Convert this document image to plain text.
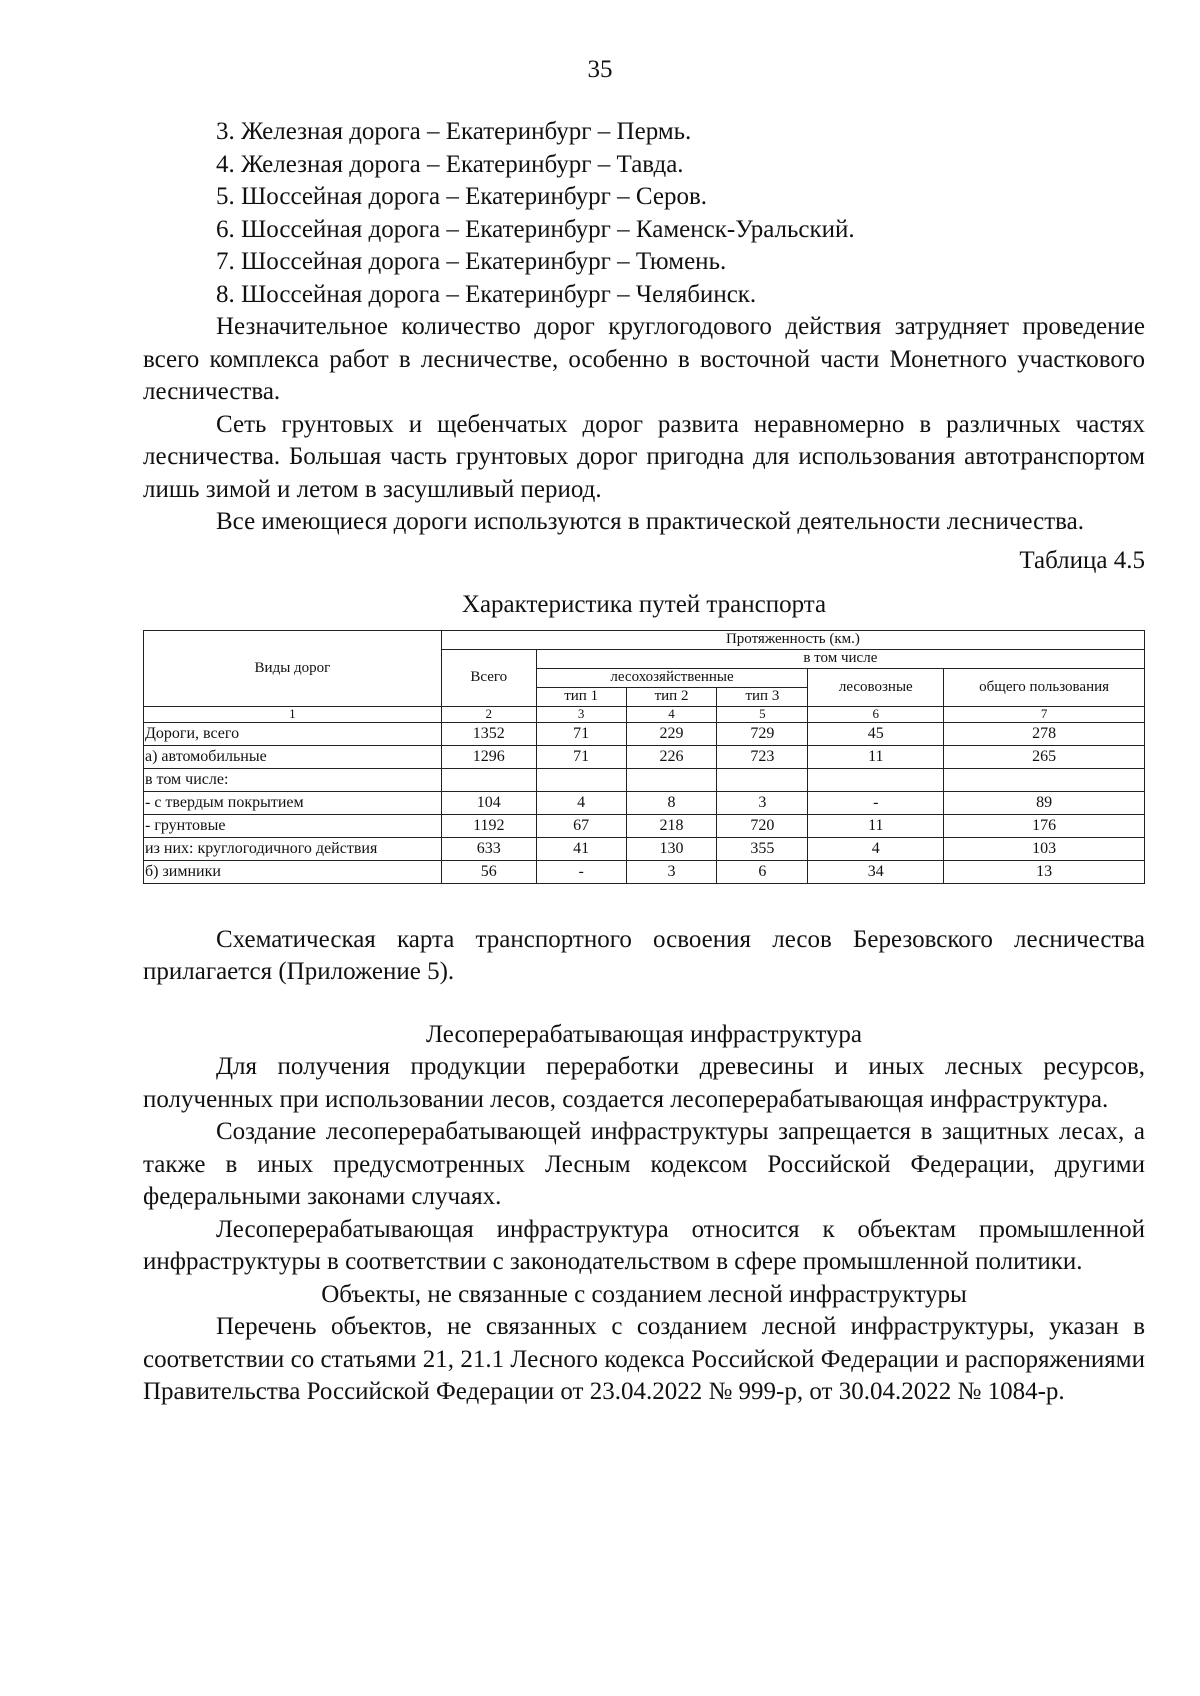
35
3. Железная дорога – Екатеринбург – Пермь.
4. Железная дорога – Екатеринбург – Тавда.
5. Шоссейная дорога – Екатеринбург – Серов.
6. Шоссейная дорога – Екатеринбург – Каменск-Уральский.
7. Шоссейная дорога – Екатеринбург – Тюмень.
8. Шоссейная дорога – Екатеринбург – Челябинск.

Незначительное количество дорог круглогодового действия затрудняет проведение всего комплекса работ в лесничестве, особенно в восточной части Монетного участкового лесничества.

Сеть грунтовых и щебенчатых дорог развита неравномерно в различных частях лесничества. Большая часть грунтовых дорог пригодна для использования автотранспортом лишь зимой и летом в засушливый период.

Все имеющиеся дороги используются в практической деятельности лесничества.

Таблица 4.5
Характеристика путей транспорта
Виды дорог	Протяженность (км.)					
	Всего	в том числе				
		лесохозяйственные			лесовозные	общего пользования
		тип 1	тип 2	тип 3		
1	2	3	4	5	6	7
Дороги, всего	1352	71	229	729	45	278
а) автомобильные	1296	71	226	723	11	265
в том числе:						
- с твердым покрытием	104	4	8	3	-	89
- грунтовые	1192	67	218	720	11	176
из них: круглогодичного действия	633	41	130	355	4	103
б) зимники	56	-	3	6	34	13

Схематическая карта транспортного освоения лесов Березовского лесничества прилагается (Приложение 5).

Лесоперерабатывающая инфраструктура

Для получения продукции переработки древесины и иных лесных ресурсов, полученных при использовании лесов, создается лесоперерабатывающая инфраструктура.

Создание лесоперерабатывающей инфраструктуры запрещается в защитных лесах, а также в иных предусмотренных Лесным кодексом Российской Федерации, другими федеральными законами случаях.

Лесоперерабатывающая инфраструктура относится к объектам промышленной инфраструктуры в соответствии с законодательством в сфере промышленной политики.

Объекты, не связанные с созданием лесной инфраструктуры

Перечень объектов, не связанных с созданием лесной инфраструктуры, указан в соответствии со статьями 21, 21.1 Лесного кодекса Российской Федерации и распоряжениями Правительства Российской Федерации от 23.04.2022 № 999-р, от 30.04.2022 № 1084-р.
